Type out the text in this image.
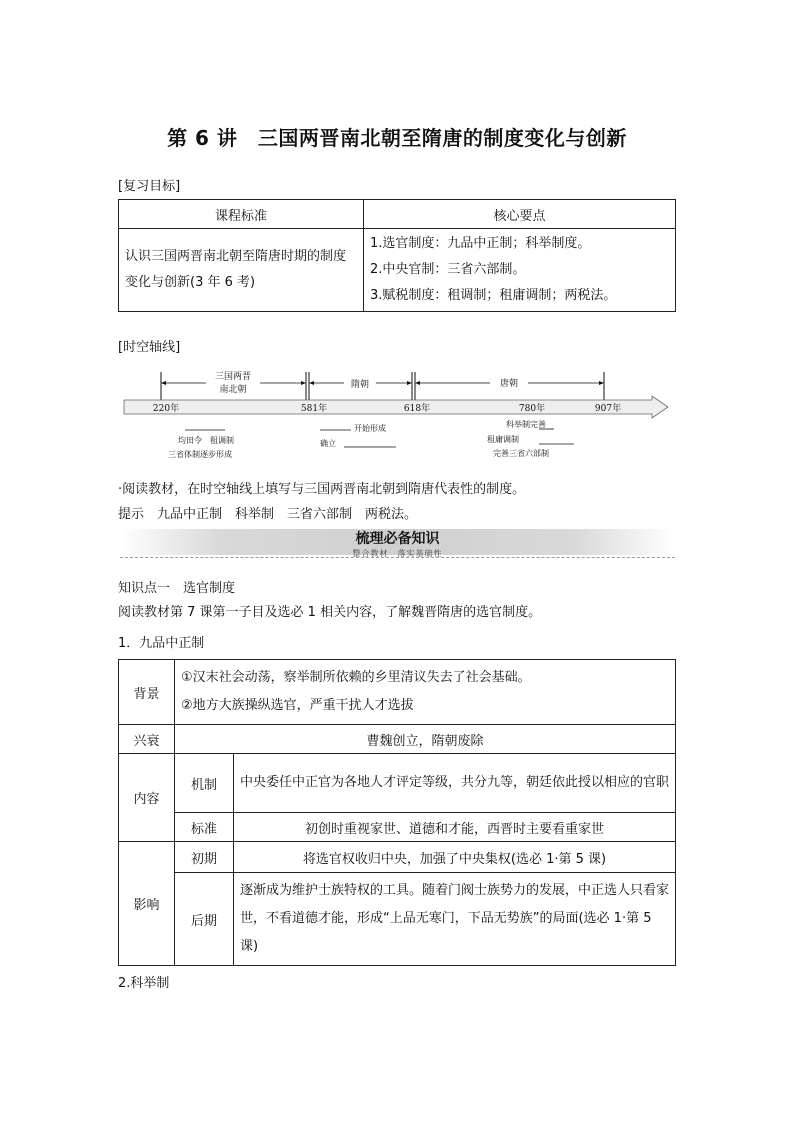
第 6 讲　三国两晋南北朝至隋唐的制度变化与创新
[复习目标]
课程标准	核心要点
认识三国两晋南北朝至隋唐时期的制度变化与创新(3 年 6 考)	1.选官制度：九品中正制；科举制度。
2.中央官制：三省六部制。
3.赋税制度：租调制；租庸调制；两税法。
[时空轴线]
三国两晋
南北朝	隋朝	唐朝
220年	581年	618年	780年	907年
均田令　租调制
三省体制逐步形成
开始形成
确立
科举制完善
租庸调制
完善三省六部制
·阅读教材，在时空轴线上填写与三国两晋南北朝到隋唐代表性的制度。
提示　九品中正制　科举制　三省六部制　两税法。
梳理必备知识
整合教材　落实基础性
知识点一　选官制度
阅读教材第 7 课第一子目及选必 1 相关内容，了解魏晋隋唐的选官制度。
1．九品中正制
背景	①汉末社会动荡，察举制所依赖的乡里清议失去了社会基础。
②地方大族操纵选官，严重干扰人才选拔	

兴衰	曹魏创立，隋朝废除	
内容	机制	中央委任中正官为各地人才评定等级，共分九等，朝廷依此授以相应的官职
	标准	初创时重视家世、道德和才能，西晋时主要看重家世
影响	初期	将选官权收归中央，加强了中央集权(选必 1·第 5 课)
	后期	逐渐成为维护士族特权的工具。随着门阀士族势力的发展，中正选人只看家世，不看道德才能，形成“上品无寒门，下品无势族”的局面(选必 1·第 5 课)
2.科举制
